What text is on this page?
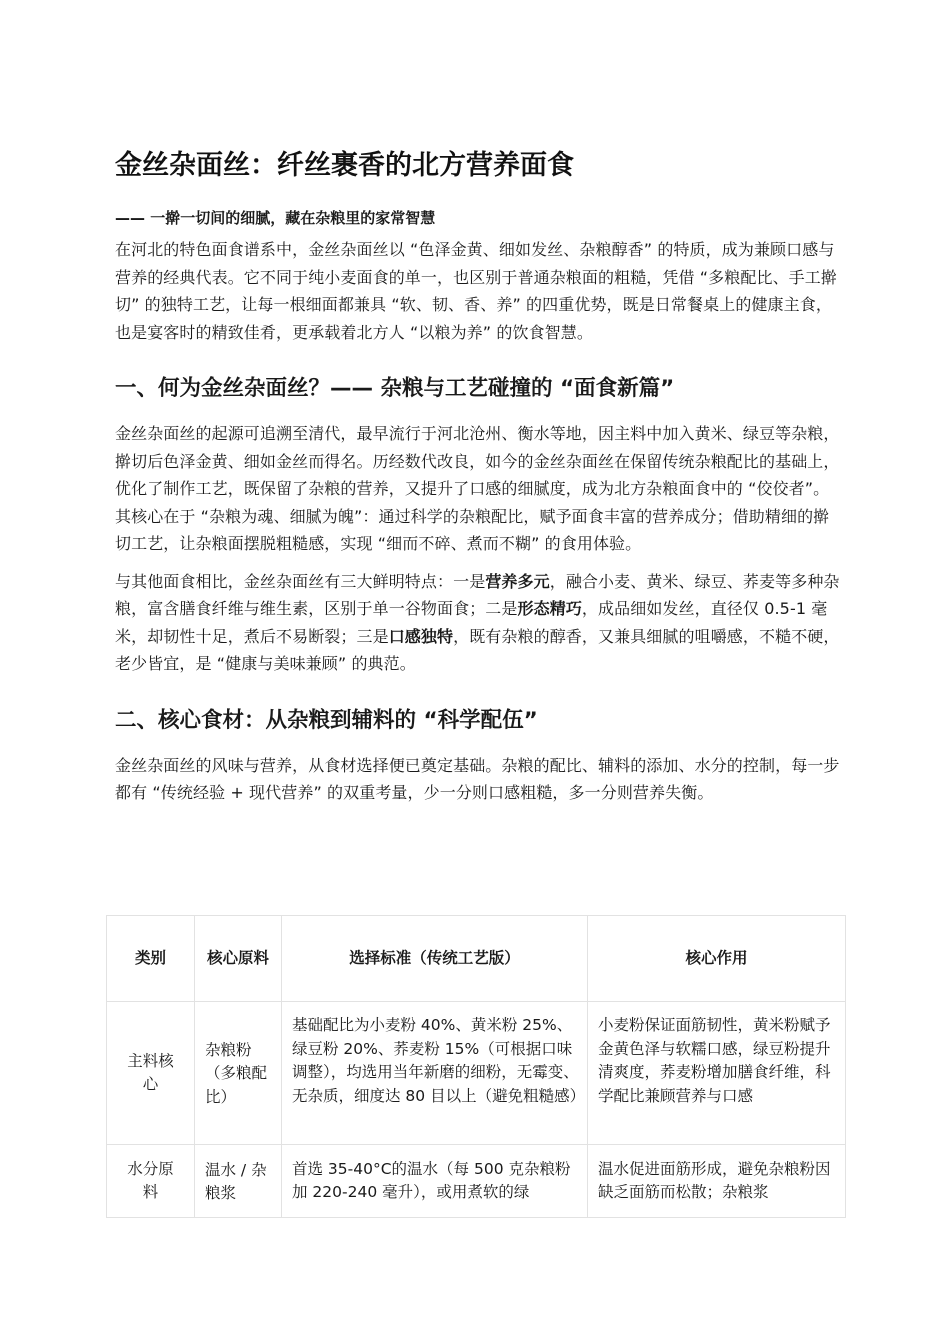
金丝杂面丝：纤丝裹香的北方营养面食
—— 一擀一切间的细腻，藏在杂粮里的家常智慧

在河北的特色面食谱系中，金丝杂面丝以 “色泽金黄、细如发丝、杂粮醇香” 的特质，成为兼顾口感与营养的经典代表。它不同于纯小麦面食的单一，也区别于普通杂粮面的粗糙，凭借 “多粮配比、手工擀切” 的独特工艺，让每一根细面都兼具 “软、韧、香、养” 的四重优势，既是日常餐桌上的健康主食，也是宴客时的精致佳肴，更承载着北方人 “以粮为养” 的饮食智慧。

一、何为金丝杂面丝？—— 杂粮与工艺碰撞的 “面食新篇”

金丝杂面丝的起源可追溯至清代，最早流行于河北沧州、衡水等地，因主料中加入黄米、绿豆等杂粮，擀切后色泽金黄、细如金丝而得名。历经数代改良，如今的金丝杂面丝在保留传统杂粮配比的基础上，优化了制作工艺，既保留了杂粮的营养，又提升了口感的细腻度，成为北方杂粮面食中的 “佼佼者”。其核心在于 “杂粮为魂、细腻为魄”：通过科学的杂粮配比，赋予面食丰富的营养成分；借助精细的擀切工艺，让杂粮面摆脱粗糙感，实现 “细而不碎、煮而不糊” 的食用体验。

与其他面食相比，金丝杂面丝有三大鲜明特点：一是营养多元，融合小麦、黄米、绿豆、荞麦等多种杂粮，富含膳食纤维与维生素，区别于单一谷物面食；二是形态精巧，成品细如发丝，直径仅 0.5-1 毫米，却韧性十足，煮后不易断裂；三是口感独特，既有杂粮的醇香，又兼具细腻的咀嚼感，不糙不硬，老少皆宜，是 “健康与美味兼顾” 的典范。

二、核心食材：从杂粮到辅料的 “科学配伍”

金丝杂面丝的风味与营养，从食材选择便已奠定基础。杂粮的配比、辅料的添加、水分的控制，每一步都有 “传统经验 + 现代营养” 的双重考量，少一分则口感粗糙，多一分则营养失衡。

类别	核心原料	选择标准（传统工艺版）	核心作用
主料核心	杂粮粉（多粮配比）	基础配比为小麦粉 40%、黄米粉 25%、绿豆粉 20%、荞麦粉 15%（可根据口味调整），均选用当年新磨的细粉，无霉变、无杂质，细度达 80 目以上（避免粗糙感）	小麦粉保证面筋韧性，黄米粉赋予金黄色泽与软糯口感，绿豆粉提升清爽度，荞麦粉增加膳食纤维，科学配比兼顾营养与口感
水分原料	温水 / 杂粮浆	首选 35-40°C的温水（每 500 克杂粮粉加 220-240 毫升），或用煮软的绿	温水促进面筋形成，避免杂粮粉因缺乏面筋而松散；杂粮浆
